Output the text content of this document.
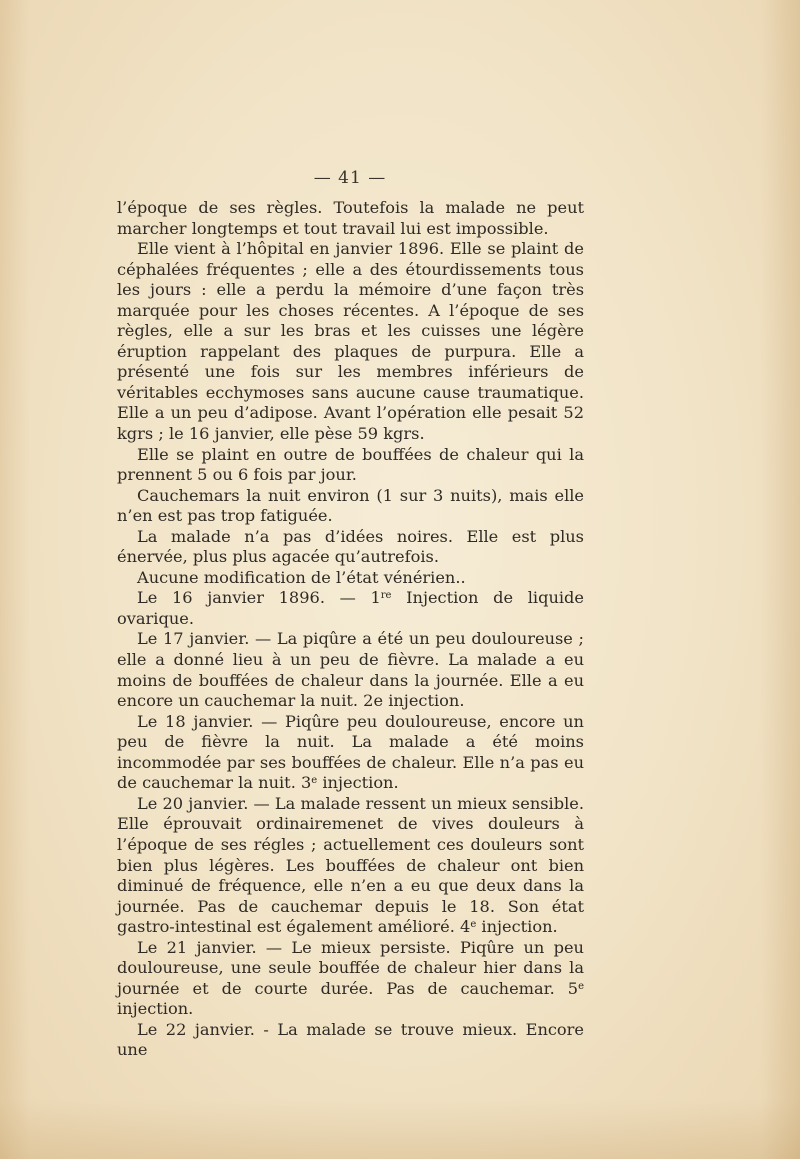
— 41 —

l’époque de ses règles. Toutefois la malade ne peut marcher longtemps et tout travail lui est impossible.

Elle vient à l’hôpital en janvier 1896. Elle se plaint de céphalées fréquentes ; elle a des étourdissements tous les jours : elle a perdu la mémoire d’une façon très marquée pour les choses récentes. A l’époque de ses règles, elle a sur les bras et les cuisses une légère éruption rappelant des plaques de purpura. Elle a présenté une fois sur les membres inférieurs de véritables ecchymoses sans aucune cause traumatique. Elle a un peu d’adipose. Avant l’opération elle pesait 52 kgrs ; le 16 janvier, elle pèse 59 kgrs.

Elle se plaint en outre de bouffées de chaleur qui la prennent 5 ou 6 fois par jour.

Cauchemars la nuit environ (1 sur 3 nuits), mais elle n’en est pas trop fatiguée.

La malade n’a pas d’idées noires. Elle est plus énervée, plus plus agacée qu’autrefois.

Aucune modification de l’état vénérien..

Le 16 janvier 1896. — 1re Injection de liquide ovarique.

Le 17 janvier. — La piqûre a été un peu douloureuse ; elle a donné lieu à un peu de fièvre. La malade a eu moins de bouffées de chaleur dans la journée. Elle a eu encore un cauchemar la nuit. 2e injection.

Le 18 janvier. — Piqûre peu douloureuse, encore un peu de fièvre la nuit. La malade a été moins incommodée par ses bouffées de chaleur. Elle n’a pas eu de cauchemar la nuit. 3e injection.

Le 20 janvier. — La malade ressent un mieux sensible. Elle éprouvait ordinairemenet de vives douleurs à l’époque de ses régles ; actuellement ces douleurs sont bien plus légères. Les bouffées de chaleur ont bien diminué de fréquence, elle n’en a eu que deux dans la journée. Pas de cauchemar depuis le 18. Son état gastro-intestinal est également amélioré. 4e injection.

Le 21 janvier. — Le mieux persiste. Piqûre un peu douloureuse, une seule bouffée de chaleur hier dans la journée et de courte durée. Pas de cauchemar. 5e injection.

Le 22 janvier. - La malade se trouve mieux. Encore une
